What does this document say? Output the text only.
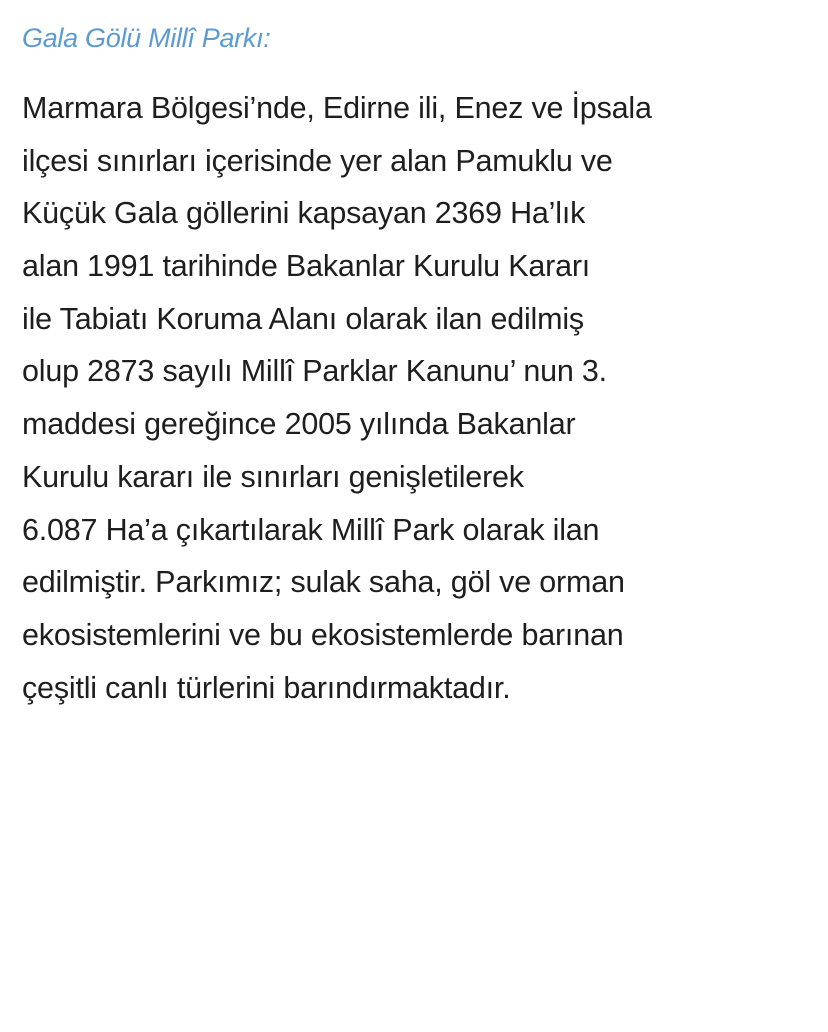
Gala Gölü Millî Parkı:
Marmara Bölgesi’nde, Edirne ili, Enez ve İpsala
ilçesi sınırları içerisinde yer alan Pamuklu ve
Küçük Gala göllerini kapsayan 2369 Ha’lık
alan 1991 tarihinde Bakanlar Kurulu Kararı
ile Tabiatı Koruma Alanı olarak ilan edilmiş
olup 2873 sayılı Millî Parklar Kanunu’ nun 3.
maddesi gereğince 2005 yılında Bakanlar
Kurulu kararı ile sınırları genişletilerek
6.087 Ha’a çıkartılarak Millî Park olarak ilan
edilmiştir. Parkımız; sulak saha, göl ve orman
ekosistemlerini ve bu ekosistemlerde barınan
çeşitli canlı türlerini barındırmaktadır.
